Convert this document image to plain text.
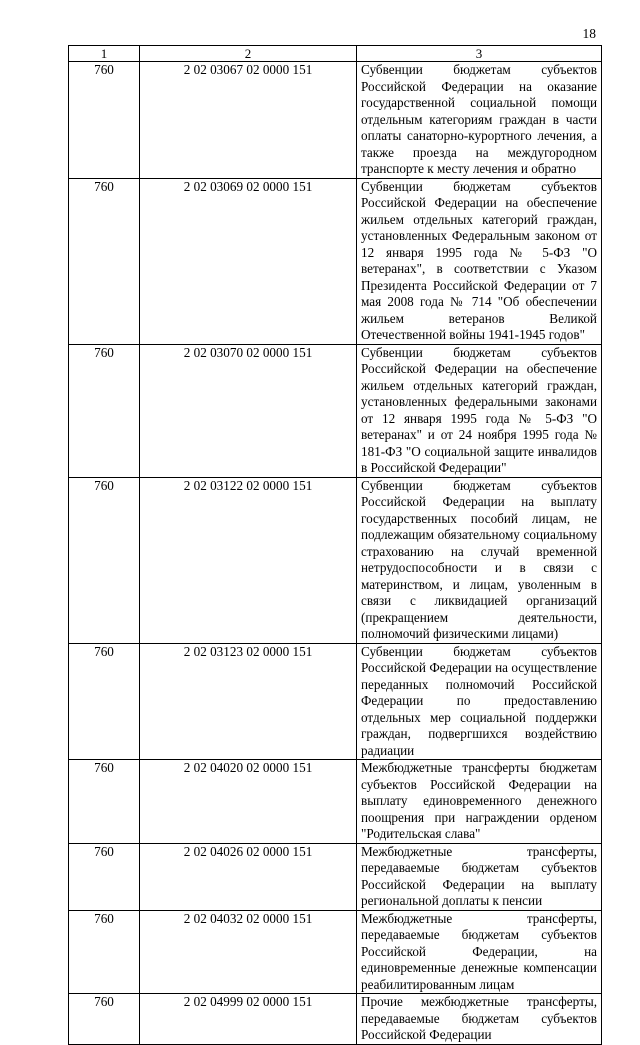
18
1	2	3
760	2 02 03067 02 0000 151	Субвенции бюджетам субъектов Российской Федерации на оказание государственной социальной помощи отдельным категориям граждан в части оплаты санаторно-курортного лечения, а также проезда на междугородном транспорте к месту лечения и обратно
760	2 02 03069 02 0000 151	Субвенции бюджетам субъектов Российской Федерации на обеспечение жильем отдельных категорий граждан, установленных Федеральным законом от 12 января 1995 года № 5-ФЗ "О ветеранах", в соответствии с Указом Президента Российской Федерации от 7 мая 2008 года № 714 "Об обеспечении жильем ветеранов Великой Отечественной войны 1941-1945 годов"
760	2 02 03070 02 0000 151	Субвенции бюджетам субъектов Российской Федерации на обеспечение жильем отдельных категорий граждан, установленных федеральными законами от 12 января 1995 года № 5-ФЗ "О ветеранах" и от 24 ноября 1995 года № 181-ФЗ "О социальной защите инвалидов в Российской Федерации"
760	2 02 03122 02 0000 151	Субвенции бюджетам субъектов Российской Федерации на выплату государственных пособий лицам, не подлежащим обязательному социальному страхованию на случай временной нетрудоспособности и в связи с материнством, и лицам, уволенным в связи с ликвидацией организаций (прекращением деятельности, полномочий физическими лицами)
760	2 02 03123 02 0000 151	Субвенции бюджетам субъектов Российской Федерации на осуществление переданных полномочий Российской Федерации по предоставлению отдельных мер социальной поддержки граждан, подвергшихся воздействию радиации
760	2 02 04020 02 0000 151	Межбюджетные трансферты бюджетам субъектов Российской Федерации на выплату единовременного денежного поощрения при награждении орденом "Родительская слава"
760	2 02 04026 02 0000 151	Межбюджетные трансферты, передаваемые бюджетам субъектов Российской Федерации на выплату региональной доплаты к пенсии
760	2 02 04032 02 0000 151	Межбюджетные трансферты, передаваемые бюджетам субъектов Российской Федерации, на единовременные денежные компенсации реабилитированным лицам
760	2 02 04999 02 0000 151	Прочие межбюджетные трансферты, передаваемые бюджетам субъектов Российской Федерации
